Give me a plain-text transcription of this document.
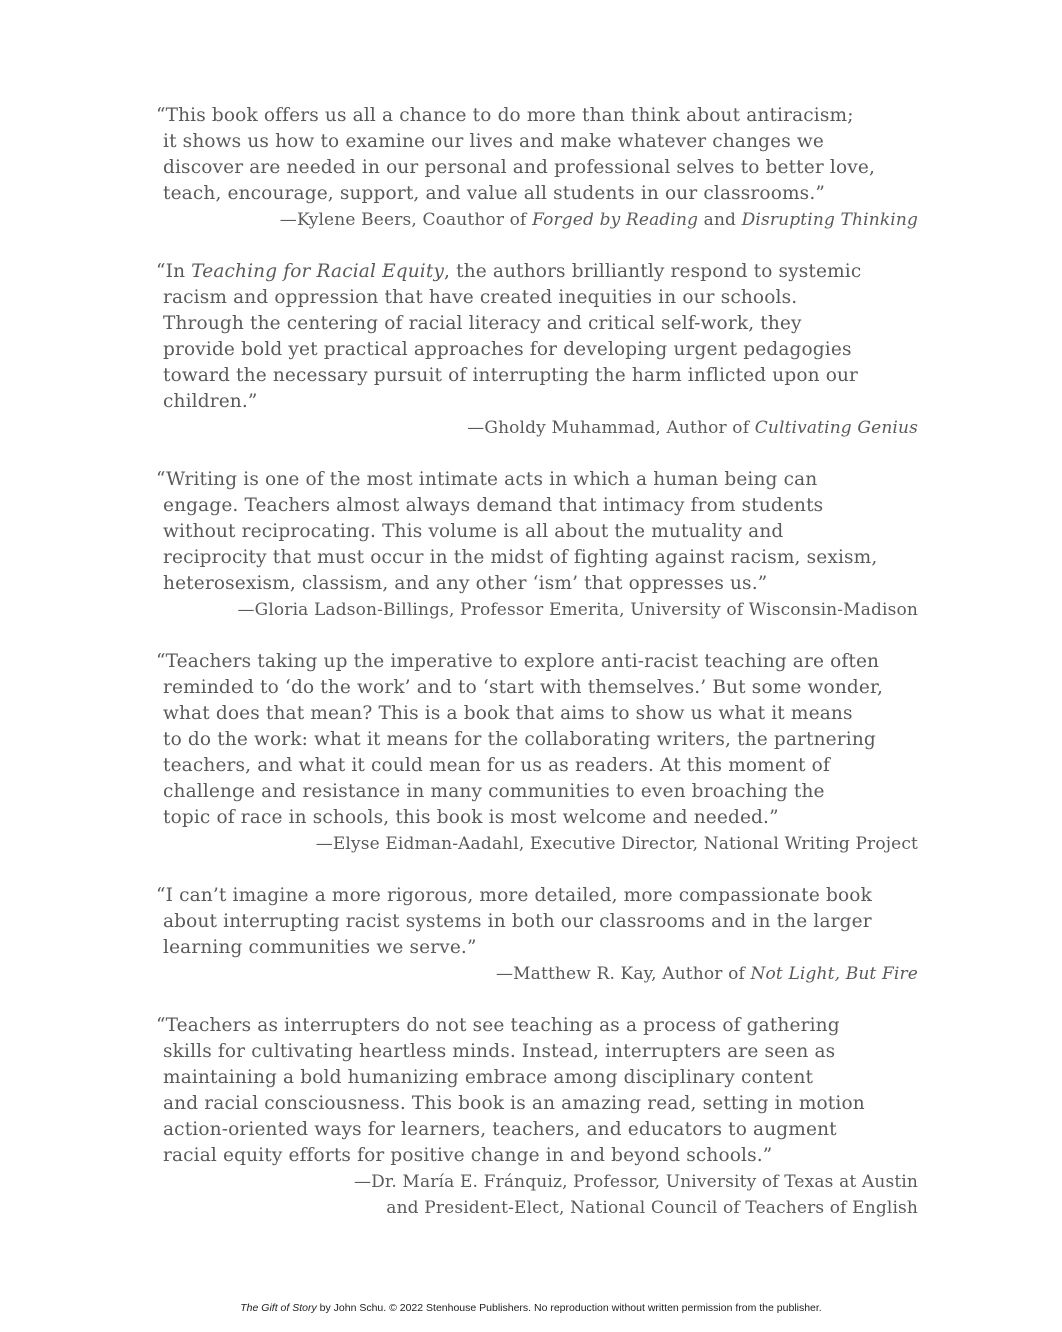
“This book offers us all a chance to do more than think about antiracism;
it shows us how to examine our lives and make whatever changes we
discover are needed in our personal and professional selves to better love,
teach, encourage, support, and value all students in our classrooms.”

—Kylene Beers, Coauthor of Forged by Reading and Disrupting Thinking

“In Teaching for Racial Equity, the authors brilliantly respond to systemic
racism and oppression that have created inequities in our schools.
Through the centering of racial literacy and critical self-work, they
provide bold yet practical approaches for developing urgent pedagogies
toward the necessary pursuit of interrupting the harm inflicted upon our
children.”

—Gholdy Muhammad, Author of Cultivating Genius

“Writing is one of the most intimate acts in which a human being can
engage. Teachers almost always demand that intimacy from students
without reciprocating. This volume is all about the mutuality and
reciprocity that must occur in the midst of fighting against racism, sexism,
heterosexism, classism, and any other ‘ism’ that oppresses us.”

—Gloria Ladson-Billings, Professor Emerita, University of Wisconsin-Madison

“Teachers taking up the imperative to explore anti-racist teaching are often
reminded to ‘do the work’ and to ‘start with themselves.’ But some wonder,
what does that mean? This is a book that aims to show us what it means
to do the work: what it means for the collaborating writers, the partnering
teachers, and what it could mean for us as readers. At this moment of
challenge and resistance in many communities to even broaching the
topic of race in schools, this book is most welcome and needed.”

—Elyse Eidman-Aadahl, Executive Director, National Writing Project

“I can’t imagine a more rigorous, more detailed, more compassionate book
about interrupting racist systems in both our classrooms and in the larger
learning communities we serve.”

—Matthew R. Kay, Author of Not Light, But Fire

“Teachers as interrupters do not see teaching as a process of gathering
skills for cultivating heartless minds. Instead, interrupters are seen as
maintaining a bold humanizing embrace among disciplinary content
and racial consciousness. This book is an amazing read, setting in motion
action-oriented ways for learners, teachers, and educators to augment
racial equity efforts for positive change in and beyond schools.”

—Dr. María E. Fránquiz, Professor, University of Texas at Austin
and President-Elect, National Council of Teachers of English
The Gift of Story by John Schu. © 2022 Stenhouse Publishers. No reproduction without written permission from the publisher.
